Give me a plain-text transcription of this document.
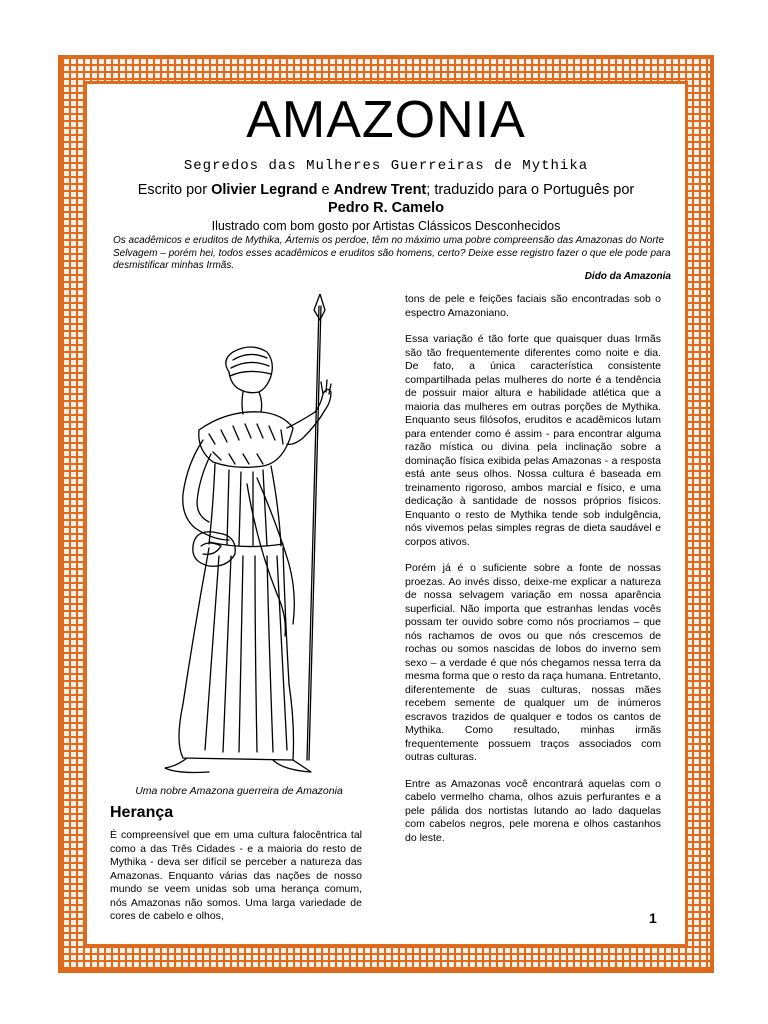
AMAZONIA
Segredos das Mulheres Guerreiras de Mythika
Escrito por Olivier Legrand e Andrew Trent; traduzido para o Português por
Pedro R. Camelo
Ilustrado com bom gosto por Artistas Clássicos Desconhecidos
Os acadêmicos e eruditos de Mythika, Ártemis os perdoe, têm no máximo uma pobre compreensão das Amazonas do Norte Selvagem – porém hei, todos esses acadêmicos e eruditos são homens, certo? Deixe esse registro fazer o que ele pode para desmistificar minhas Irmãs.
Dido da Amazonia
Uma nobre Amazona guerreira de Amazonia
Herança
É compreensível que em uma cultura falocêntrica tal como a das Três Cidades - e a maioria do resto de Mythika - deva ser difícil se perceber a natureza das Amazonas. Enquanto várias das nações de nosso mundo se veem unidas sob uma herança comum, nós Amazonas não somos. Uma larga variedade de cores de cabelo e olhos,

tons de pele e feições faciais são encontradas sob o espectro Amazoniano.

Essa variação é tão forte que quaisquer duas Irmãs são tão frequentemente diferentes como noite e dia. De fato, a única característica consistente compartilhada pelas mulheres do norte é a tendência de possuir maior altura e habilidade atlética que a maioria das mulheres em outras porções de Mythika. Enquanto seus filósofos, eruditos e acadêmicos lutam para entender como é assim - para encontrar alguma razão mística ou divina pela inclinação sobre a dominação física exibida pelas Amazonas - a resposta está ante seus olhos. Nossa cultura é baseada em treinamento rigoroso, ambos marcial e físico, e uma dedicação à santidade de nossos próprios físicos. Enquanto o resto de Mythika tende sob indulgência, nós vivemos pelas simples regras de dieta saudável e corpos ativos.

Porém já é o suficiente sobre a fonte de nossas proezas. Ao invés disso, deixe-me explicar a natureza de nossa selvagem variação em nossa aparência superficial. Não importa que estranhas lendas vocês possam ter ouvido sobre como nós procriamos – que nós rachamos de ovos ou que nós crescemos de rochas ou somos nascidas de lobos do inverno sem sexo – a verdade é que nós chegamos nessa terra da mesma forma que o resto da raça humana. Entretanto, diferentemente de suas culturas, nossas mães recebem semente de qualquer um de inúmeros escravos trazidos de qualquer e todos os cantos de Mythika. Como resultado, minhas irmãs frequentemente possuem traços associados com outras culturas.

Entre as Amazonas você encontrará aquelas com o cabelo vermelho chama, olhos azuis perfurantes e a pele pálida dos nortistas lutando ao lado daquelas com cabelos negros, pele morena e olhos castanhos do leste.

1
